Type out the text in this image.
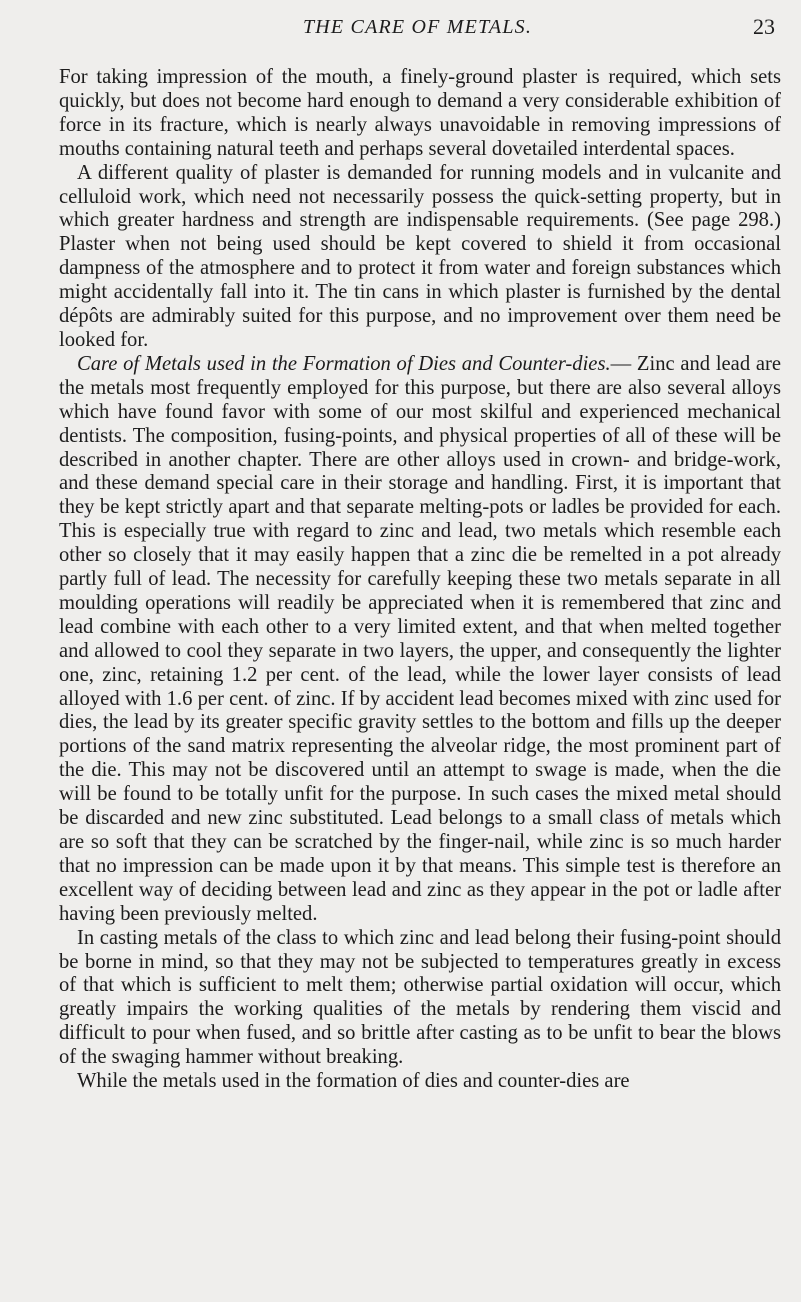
THE CARE OF METALS.	23

For taking impression of the mouth, a finely-ground plaster is required, which sets quickly, but does not become hard enough to demand a very considerable exhibition of force in its fracture, which is nearly always unavoidable in removing impressions of mouths containing natural teeth and perhaps several dovetailed interdental spaces.

A different quality of plaster is demanded for running models and in vulcanite and celluloid work, which need not necessarily possess the quick-setting property, but in which greater hardness and strength are indispensable requirements. (See page 298.) Plaster when not being used should be kept covered to shield it from occasional dampness of the atmosphere and to protect it from water and foreign substances which might accidentally fall into it. The tin cans in which plaster is furnished by the dental dépôts are admirably suited for this purpose, and no improvement over them need be looked for.

Care of Metals used in the Formation of Dies and Counter-dies.— Zinc and lead are the metals most frequently employed for this purpose, but there are also several alloys which have found favor with some of our most skilful and experienced mechanical dentists. The composition, fusing-points, and physical properties of all of these will be described in another chapter. There are other alloys used in crown- and bridge-work, and these demand special care in their storage and handling. First, it is important that they be kept strictly apart and that separate melting-pots or ladles be provided for each. This is especially true with regard to zinc and lead, two metals which resemble each other so closely that it may easily happen that a zinc die be remelted in a pot already partly full of lead. The necessity for carefully keeping these two metals separate in all moulding operations will readily be appreciated when it is remembered that zinc and lead combine with each other to a very limited extent, and that when melted together and allowed to cool they separate in two layers, the upper, and consequently the lighter one, zinc, retaining 1.2 per cent. of the lead, while the lower layer consists of lead alloyed with 1.6 per cent. of zinc. If by accident lead becomes mixed with zinc used for dies, the lead by its greater specific gravity settles to the bottom and fills up the deeper portions of the sand matrix representing the alveolar ridge, the most prominent part of the die. This may not be discovered until an attempt to swage is made, when the die will be found to be totally unfit for the purpose. In such cases the mixed metal should be discarded and new zinc substituted. Lead belongs to a small class of metals which are so soft that they can be scratched by the finger-nail, while zinc is so much harder that no impression can be made upon it by that means. This simple test is therefore an excellent way of deciding between lead and zinc as they appear in the pot or ladle after having been previously melted.

In casting metals of the class to which zinc and lead belong their fusing-point should be borne in mind, so that they may not be subjected to temperatures greatly in excess of that which is sufficient to melt them; otherwise partial oxidation will occur, which greatly impairs the working qualities of the metals by rendering them viscid and difficult to pour when fused, and so brittle after casting as to be unfit to bear the blows of the swaging hammer without breaking.

While the metals used in the formation of dies and counter-dies are
